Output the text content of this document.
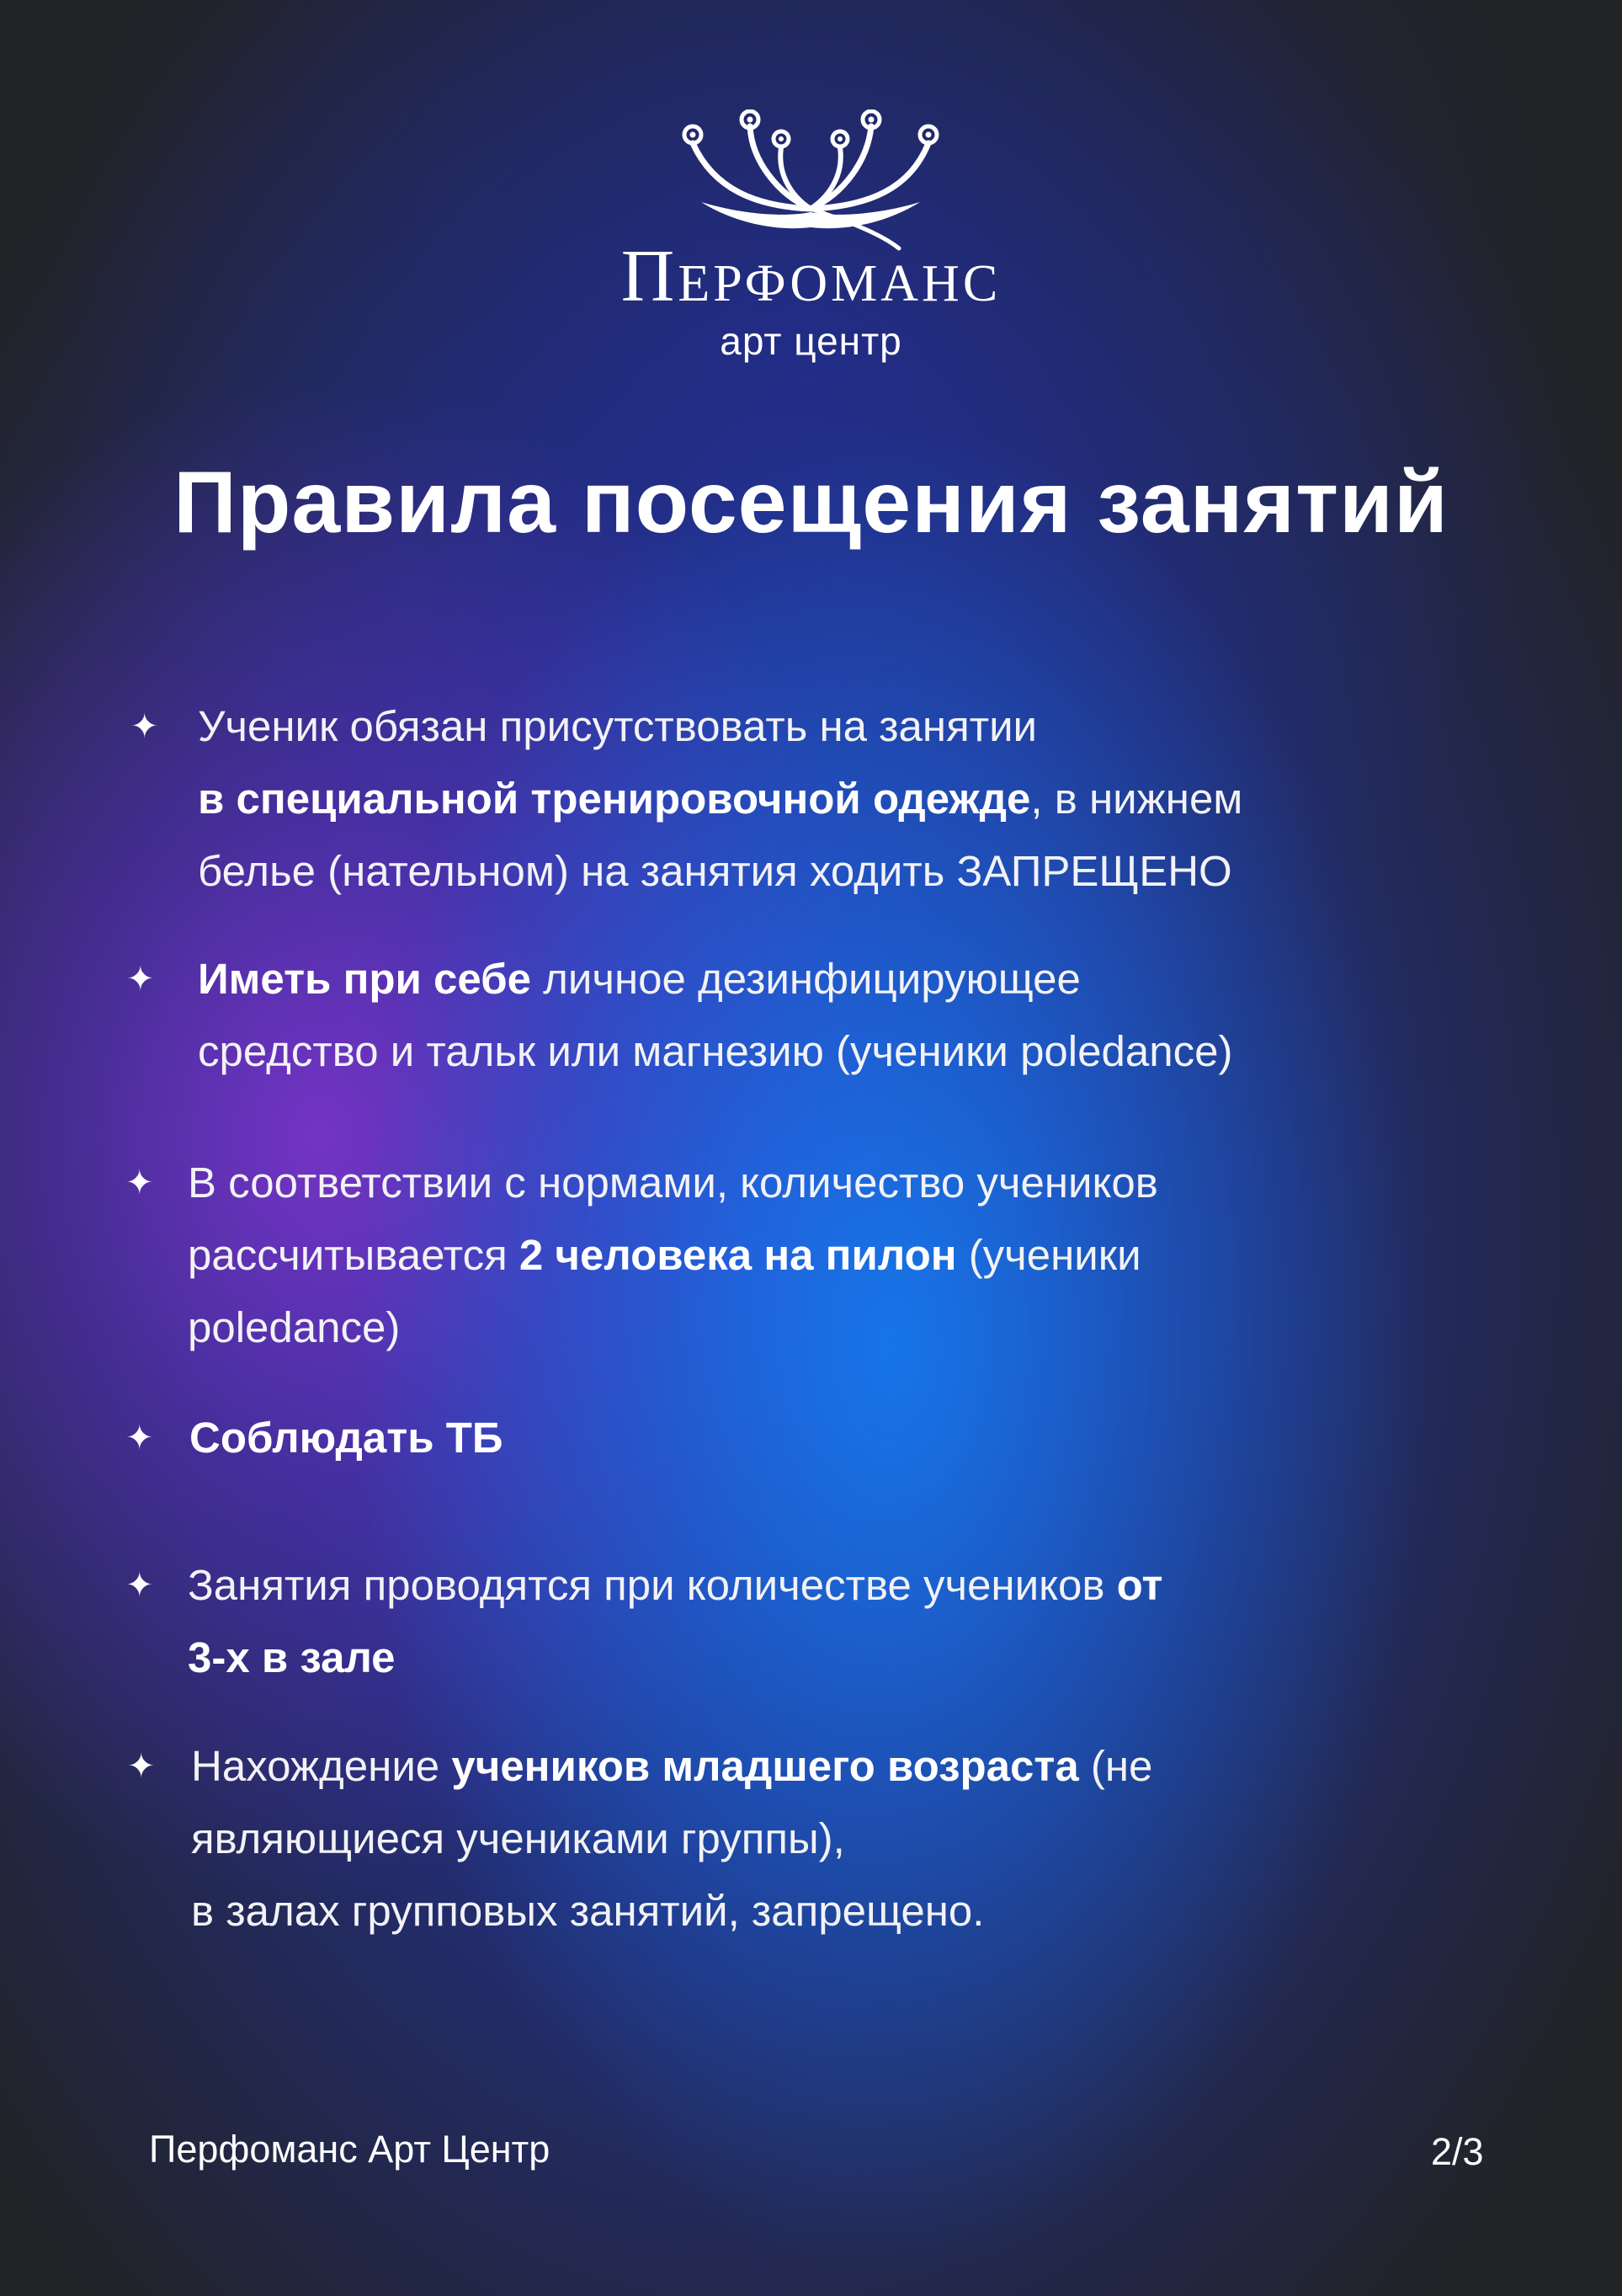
Перфоманс
арт центр
Правила посещения занятий
✦ Ученик обязан присутствовать на занятии
в специальной тренировочной одежде, в нижнем
белье (нательном) на занятия ходить ЗАПРЕЩЕНО
✦ Иметь при себе личное дезинфицирующее
средство и тальк или магнезию (ученики poledance)
✦ В соответствии с нормами, количество учеников
рассчитывается 2 человека на пилон (ученики
poledance)
✦ Соблюдать ТБ
✦ Занятия проводятся при количестве учеников от
3-х в зале
✦ Нахождение учеников младшего возраста (не
являющиеся учениками группы),
в залах групповых занятий, запрещено.
Перфоманс Арт Центр	2/3
